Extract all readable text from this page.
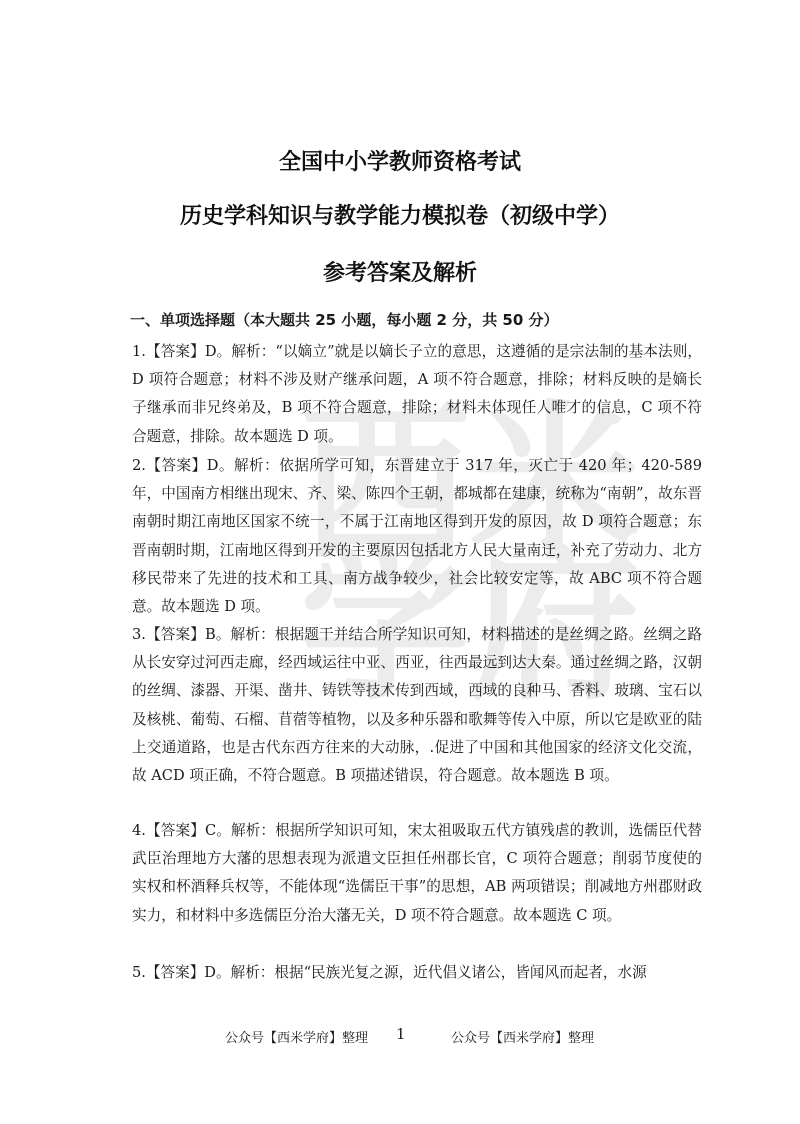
西 米
学 府
全国中小学教师资格考试
历史学科知识与教学能力模拟卷（初级中学）
参考答案及解析
一、单项选择题（本大题共 25 小题，每小题 2 分，共 50 分）
1.【答案】D。解析：“以嫡立”就是以嫡长子立的意思，这遵循的是宗法制的基本法则，D 项符合题意；材料不涉及财产继承问题，A 项不符合题意，排除；材料反映的是嫡长子继承而非兄终弟及，B 项不符合题意，排除；材料未体现任人唯才的信息，C 项不符合题意，排除。故本题选 D 项。
2.【答案】D。解析：依据所学可知，东晋建立于 317 年，灭亡于 420 年；420-589 年，中国南方相继出现宋、齐、梁、陈四个王朝，都城都在建康，统称为“南朝”，故东晋南朝时期江南地区国家不统一，不属于江南地区得到开发的原因，故 D 项符合题意；东晋南朝时期，江南地区得到开发的主要原因包括北方人民大量南迁，补充了劳动力、北方移民带来了先进的技术和工具、南方战争较少，社会比较安定等，故 ABC 项不符合题意。故本题选 D 项。
3.【答案】B。解析：根据题干并结合所学知识可知，材料描述的是丝绸之路。丝绸之路从长安穿过河西走廊，经西域运往中亚、西亚，往西最远到达大秦。通过丝绸之路，汉朝的丝绸、漆器、开渠、凿井、铸铁等技术传到西域，西域的良种马、香料、玻璃、宝石以及核桃、葡萄、石榴、苜蓿等植物，以及多种乐器和歌舞等传入中原，所以它是欧亚的陆上交通道路，也是古代东西方往来的大动脉，.促进了中国和其他国家的经济文化交流，故 ACD 项正确，不符合题意。B 项描述错误，符合题意。故本题选 B 项。
4.【答案】C。解析：根据所学知识可知，宋太祖吸取五代方镇残虐的教训，选儒臣代替武臣治理地方大藩的思想表现为派遣文臣担任州郡长官，C 项符合题意；削弱节度使的实权和杯酒释兵权等，不能体现“选儒臣干事”的思想，AB 两项错误；削减地方州郡财政实力，和材料中多选儒臣分治大藩无关，D 项不符合题意。故本题选 C 项。
5.【答案】D。解析：根据“民族光复之源，近代倡义诸公，皆闻风而起者，水源
公众号【西米学府】整理 1	公众号【西米学府】整理
